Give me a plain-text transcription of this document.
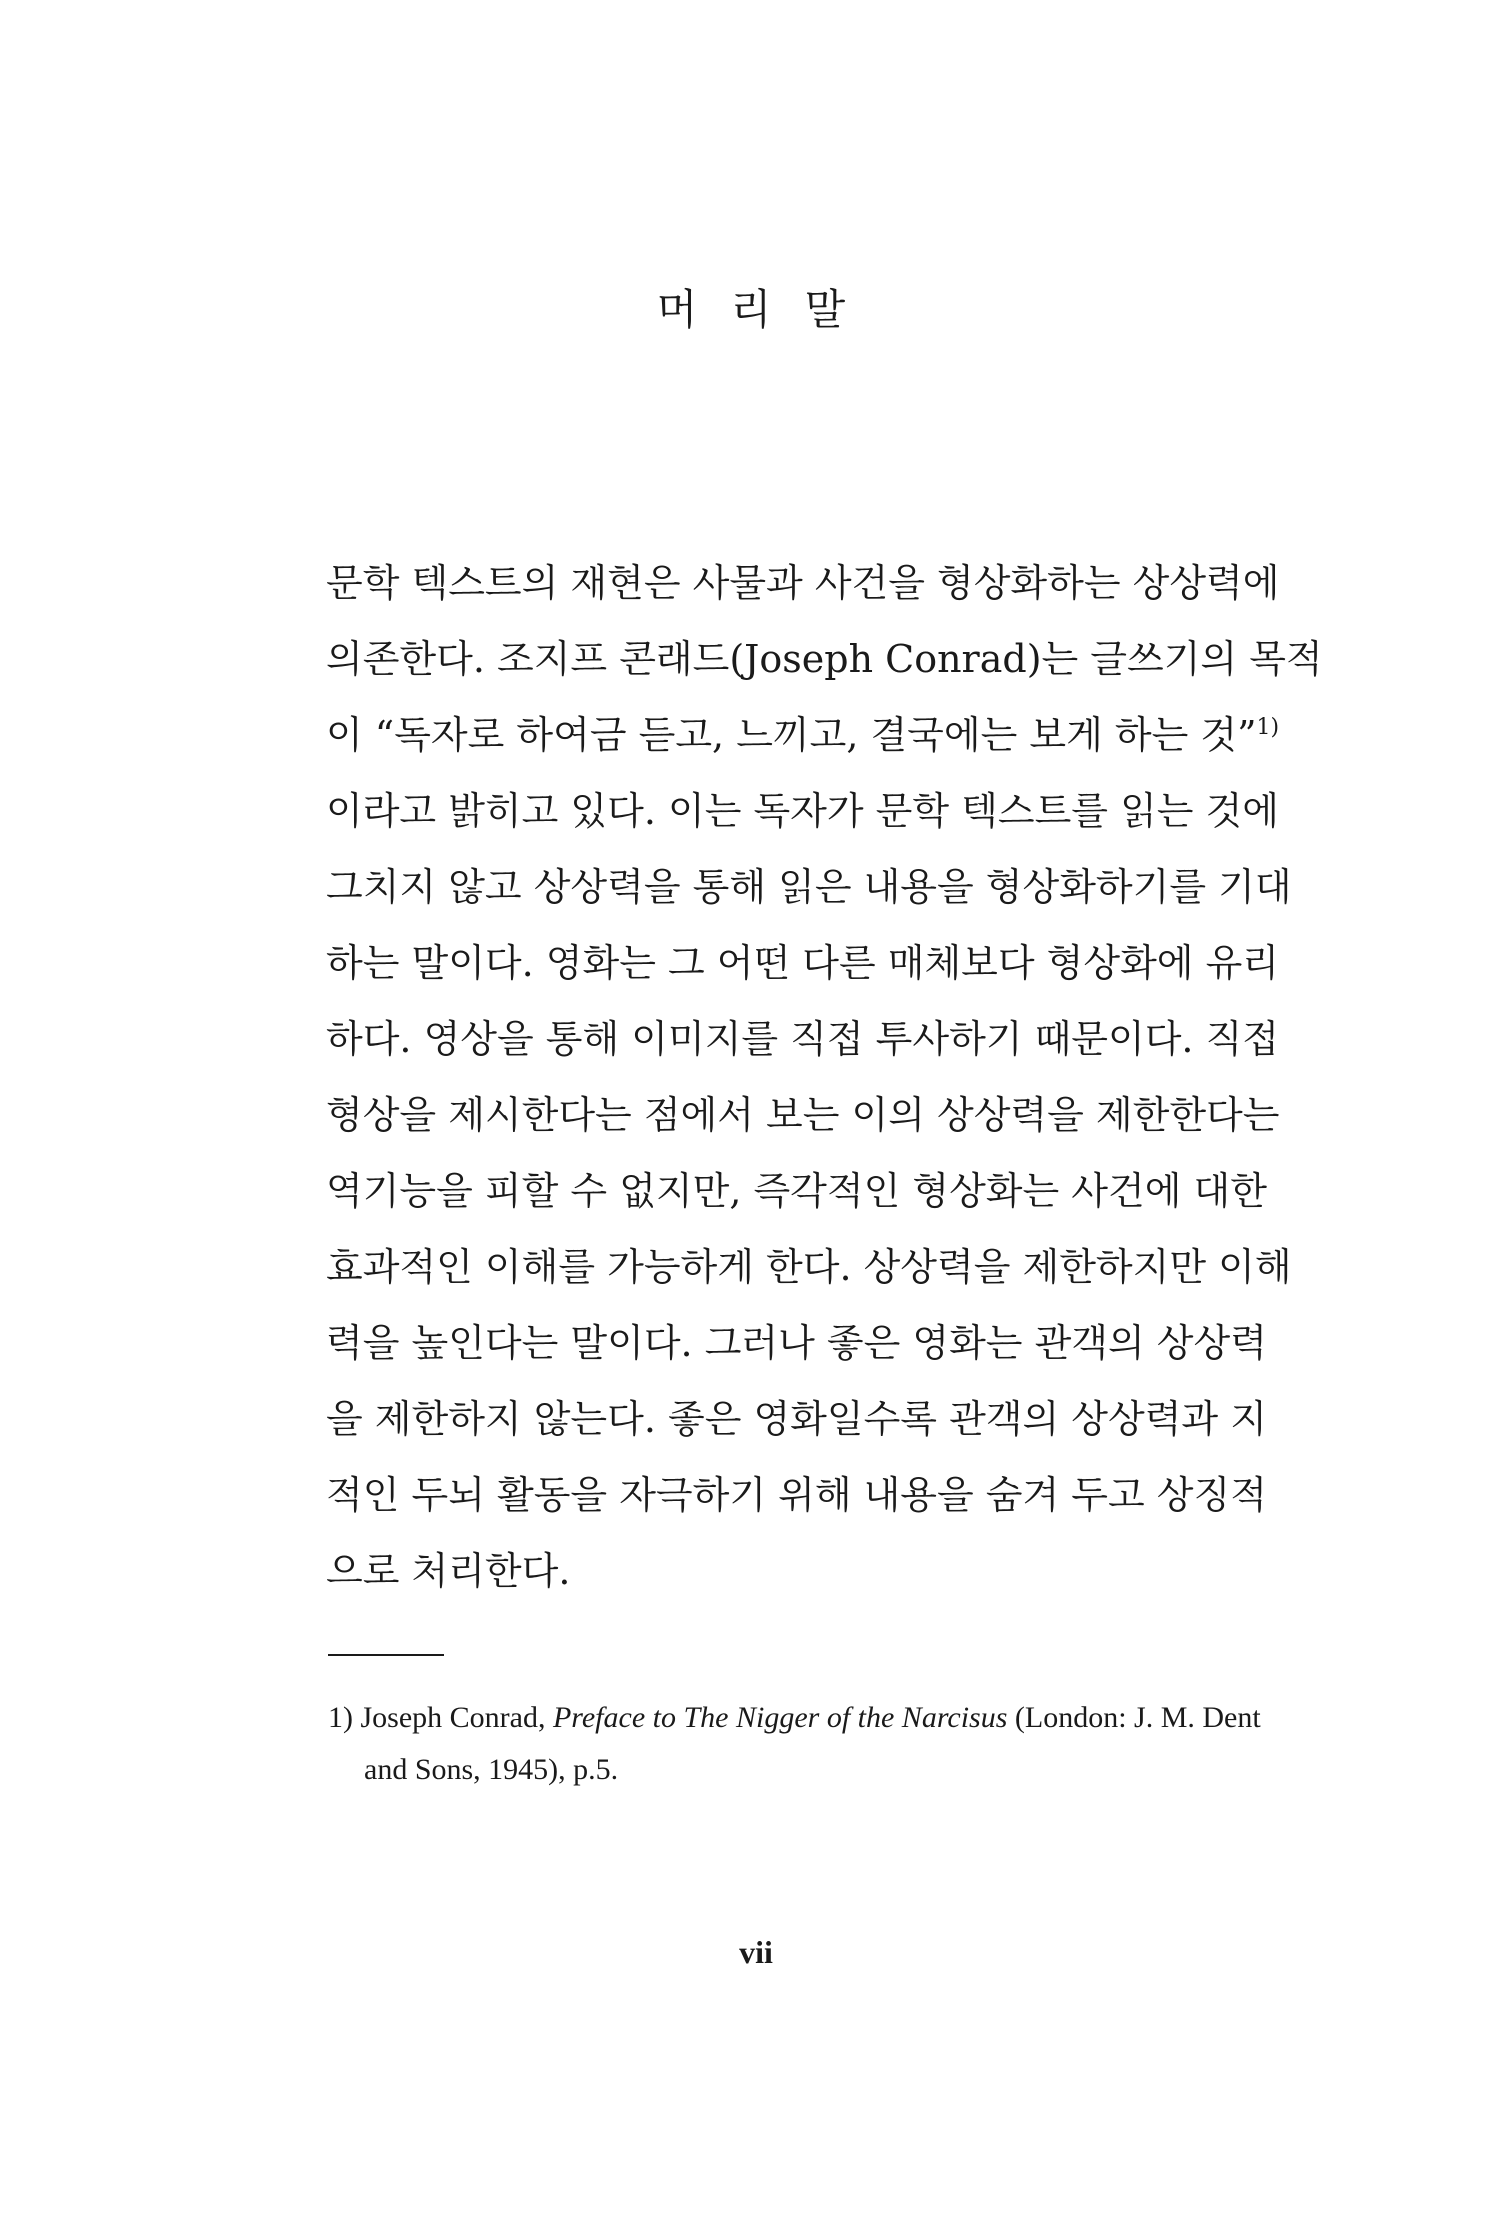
머 리 말
문학 텍스트의 재현은 사물과 사건을 형상화하는 상상력에
의존한다. 조지프 콘래드(Joseph Conrad)는 글쓰기의 목적
이 “독자로 하여금 듣고, 느끼고, 결국에는 보게 하는 것”$^{1)}$
이라고 밝히고 있다. 이는 독자가 문학 텍스트를 읽는 것에
그치지 않고 상상력을 통해 읽은 내용을 형상화하기를 기대
하는 말이다. 영화는 그 어떤 다른 매체보다 형상화에 유리
하다. 영상을 통해 이미지를 직접 투사하기 때문이다. 직접
형상을 제시한다는 점에서 보는 이의 상상력을 제한한다는
역기능을 피할 수 없지만, 즉각적인 형상화는 사건에 대한
효과적인 이해를 가능하게 한다. 상상력을 제한하지만 이해
력을 높인다는 말이다. 그러나 좋은 영화는 관객의 상상력
을 제한하지 않는다. 좋은 영화일수록 관객의 상상력과 지
적인 두뇌 활동을 자극하기 위해 내용을 숨겨 두고 상징적
으로 처리한다.
1) Joseph Conrad, Preface to The Nigger of the Narcisus (London: J. M. Dent
and Sons, 1945), p.5.
vii
